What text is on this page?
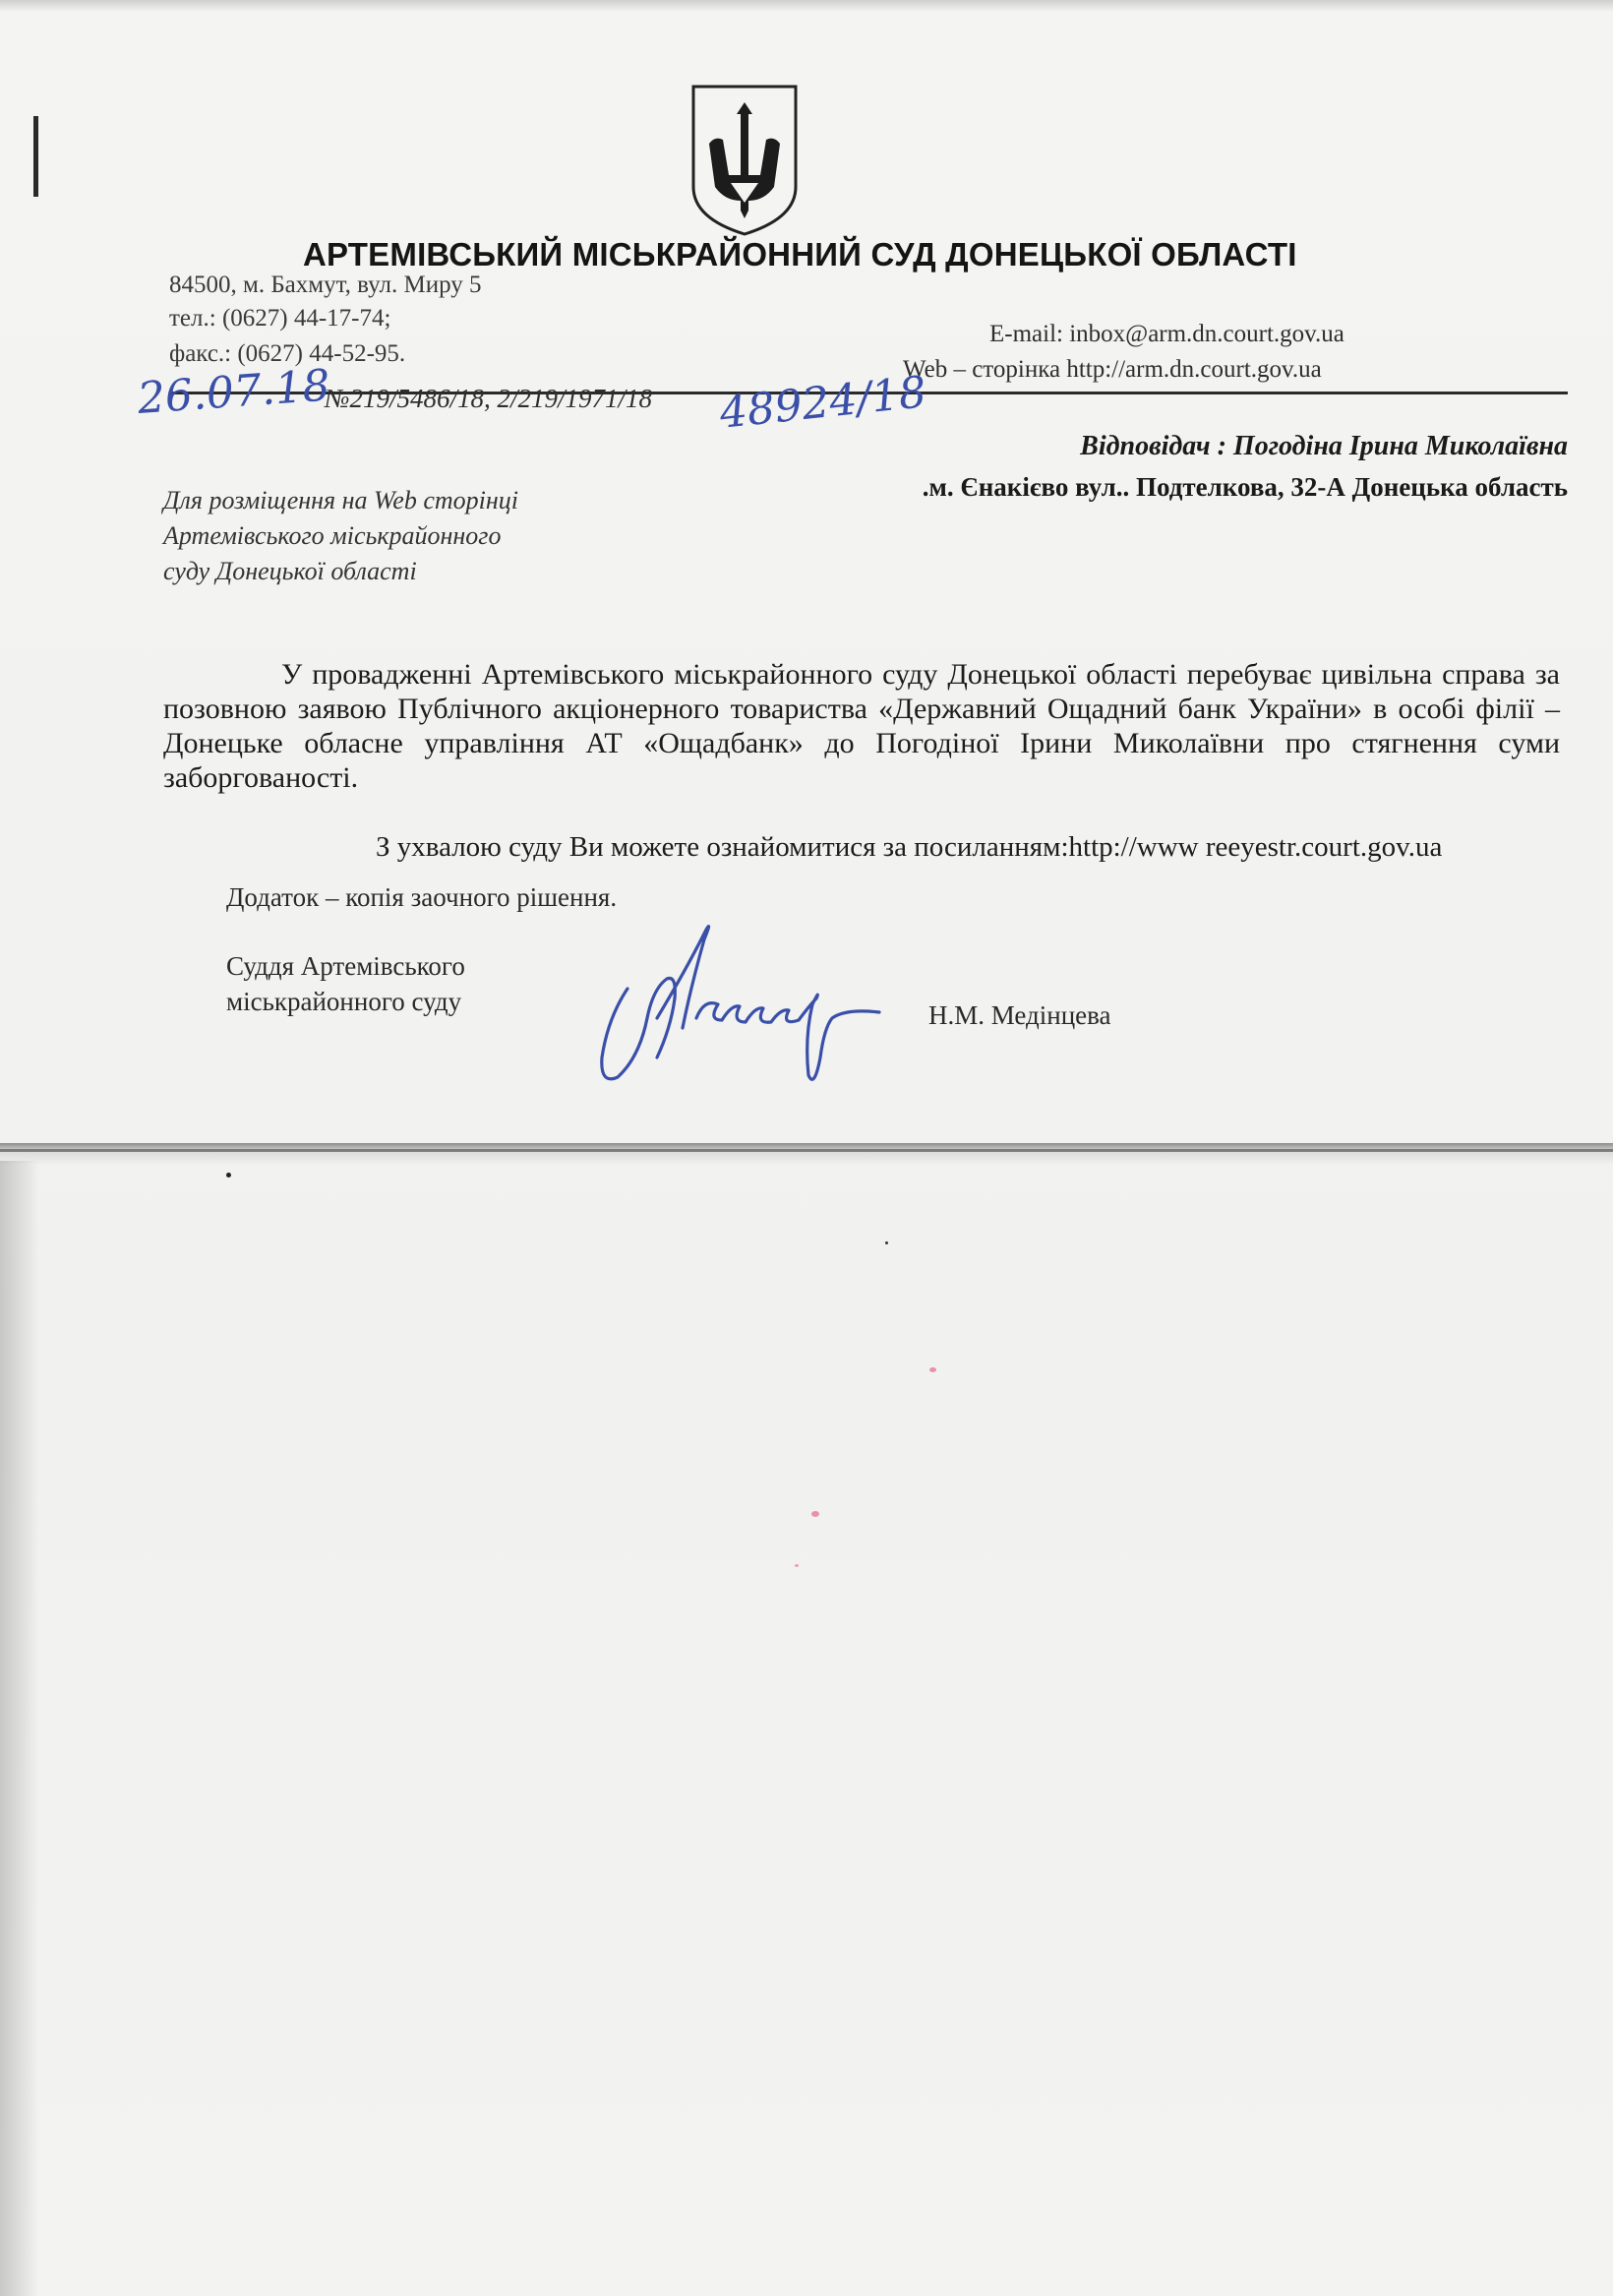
АРТЕМІВСЬКИЙ МІСЬКРАЙОННИЙ СУД ДОНЕЦЬКОЇ ОБЛАСТІ
84500, м. Бахмут, вул. Миру 5
тел.: (0627) 44-17-74;
факс.: (0627) 44-52-95.
E-mail: inbox@arm.dn.court.gov.ua
Web – сторінка http://arm.dn.court.gov.ua
26.07.18
№219/5486/18, 2/219/1971/18 48924/18
Відповідач : Погодіна Ірина Миколаївна
.м. Єнакієво вул.. Подтелкова, 32-А Донецька область
Для розміщення на Web сторінці
Артемівського міськрайонного
суду Донецької області
У провадженні Артемівського міськрайонного суду Донецької області перебуває цивільна справа за позовною заявою Публічного акціонерного товариства «Державний Ощадний банк України» в особі філії – Донецьке обласне управління АТ «Ощадбанк» до Погодіної Ірини Миколаївни про стягнення суми заборгованості.
З ухвалою суду Ви можете ознайомитися за посиланням:http://www reeyestr.court.gov.ua
Додаток – копія заочного рішення.
Суддя Артемівського
міськрайонного суду	Н.М. Медінцева
